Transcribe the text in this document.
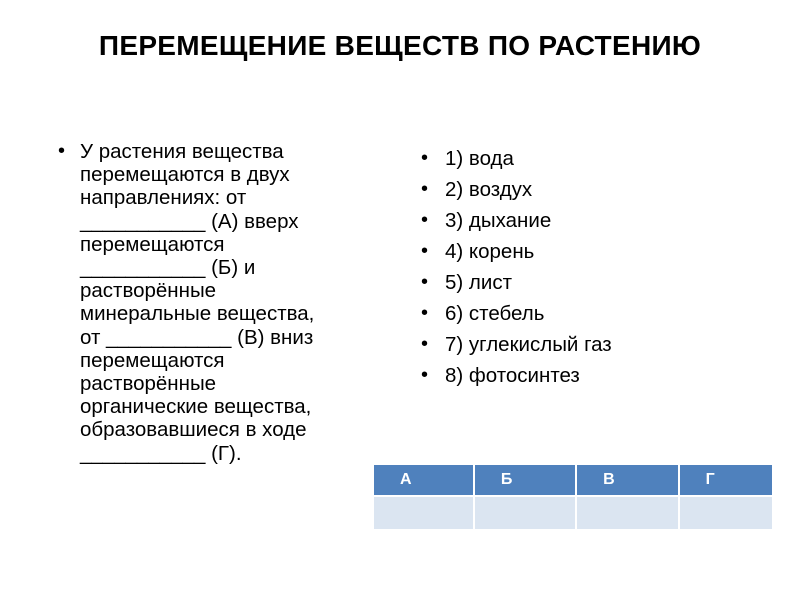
ПЕРЕМЕЩЕНИЕ ВЕЩЕСТВ ПО РАСТЕНИЮ
• У растения вещества
перемещаются в двух
направлениях: от
___________ (А) вверх
перемещаются
___________ (Б) и
растворённые
минеральные вещества,
от ___________ (В) вниз
перемещаются
растворённые
органические вещества,
образовавшиеся в ходе
___________ (Г).
• 1) вода
• 2) воздух
• 3) дыхание
• 4) корень
• 5) лист
• 6) стебель
• 7) углекислый газ
• 8) фотосинтез
А	Б	В	Г
